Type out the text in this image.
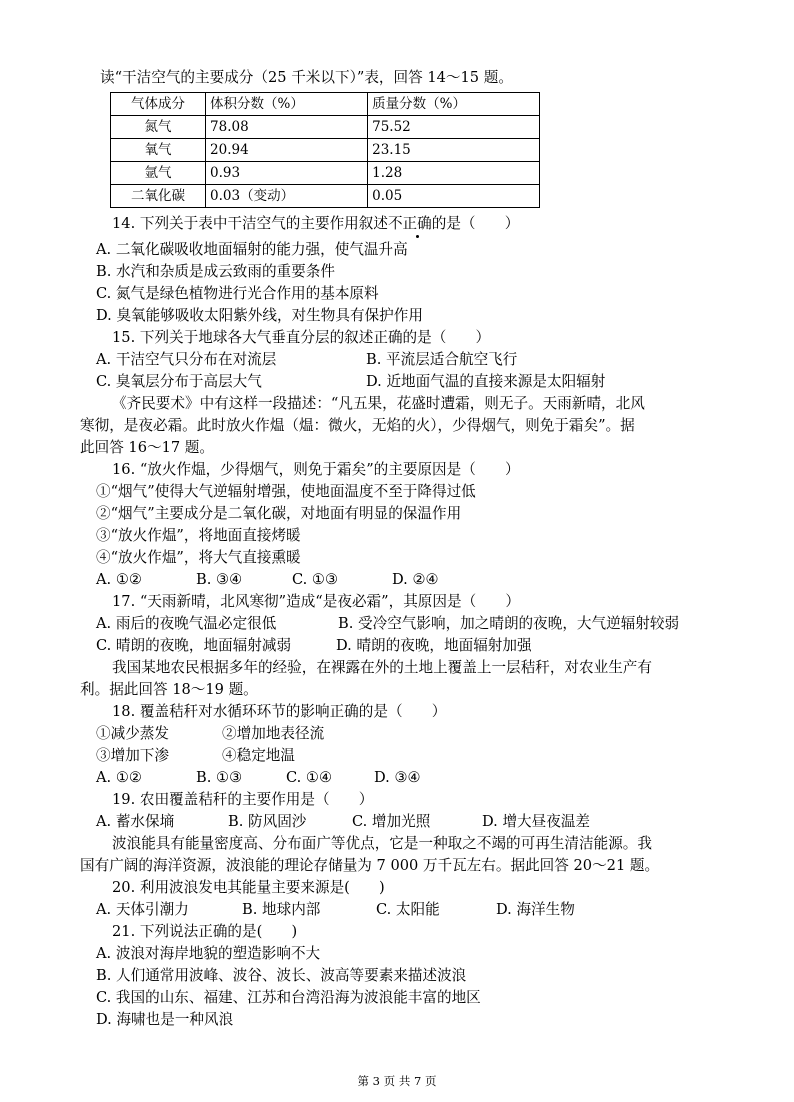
读“干洁空气的主要成分（25 千米以下）”表，回答 14～15 题。
气体成分	体积分数（%）	质量分数（%）
氮气	78.08	75.52
氧气	20.94	23.15
氩气	0.93	1.28
二氧化碳	0.03（变动）	0.05
14. 下列关于表中干洁空气的主要作用叙述不正确的是（　　）
A. 二氧化碳吸收地面辐射的能力强，使气温升高
B. 水汽和杂质是成云致雨的重要条件
C. 氮气是绿色植物进行光合作用的基本原料
D. 臭氧能够吸收太阳紫外线，对生物具有保护作用
15. 下列关于地球各大气垂直分层的叙述正确的是（　　）
A. 干洁空气只分布在对流层	B. 平流层适合航空飞行
C. 臭氧层分布于高层大气	D. 近地面气温的直接来源是太阳辐射
《齐民要术》中有这样一段描述：“凡五果，花盛时遭霜，则无子。天雨新晴，北风
寒彻，是夜必霜。此时放火作煴（煴：微火，无焰的火），少得烟气，则免于霜矣”。据
此回答 16～17 题。
16. “放火作煴，少得烟气，则免于霜矣”的主要原因是（　　）
①“烟气”使得大气逆辐射增强，使地面温度不至于降得过低
②“烟气”主要成分是二氧化碳，对地面有明显的保温作用
③“放火作煴”，将地面直接烤暖
④“放火作煴”，将大气直接熏暖
A. ①②	B. ③④	C. ①③	D. ②④
17. “天雨新晴，北风寒彻”造成“是夜必霜”，其原因是（　　）
A. 雨后的夜晚气温必定很低	B. 受冷空气影响，加之晴朗的夜晚，大气逆辐射较弱
C. 晴朗的夜晚，地面辐射减弱	D. 晴朗的夜晚，地面辐射加强
我国某地农民根据多年的经验，在裸露在外的土地上覆盖上一层秸秆，对农业生产有
利。据此回答 18～19 题。
18. 覆盖秸秆对水循环环节的影响正确的是（　　）
①减少蒸发	②增加地表径流
③增加下渗	④稳定地温
A. ①②	B. ①③	C. ①④	D. ③④
19. 农田覆盖秸秆的主要作用是（　　）
A. 蓄水保墒	B. 防风固沙	C. 增加光照	D. 增大昼夜温差
波浪能具有能量密度高、分布面广等优点，它是一种取之不竭的可再生清洁能源。我
国有广阔的海洋资源，波浪能的理论存储量为 7 000 万千瓦左右。据此回答 20～21 题。
20. 利用波浪发电其能量主要来源是(　　)
A. 天体引潮力	B. 地球内部	C. 太阳能	D. 海洋生物
21. 下列说法正确的是(　　)
A. 波浪对海岸地貌的塑造影响不大
B. 人们通常用波峰、波谷、波长、波高等要素来描述波浪
C. 我国的山东、福建、江苏和台湾沿海为波浪能丰富的地区
D. 海啸也是一种风浪
第 3 页 共 7 页
